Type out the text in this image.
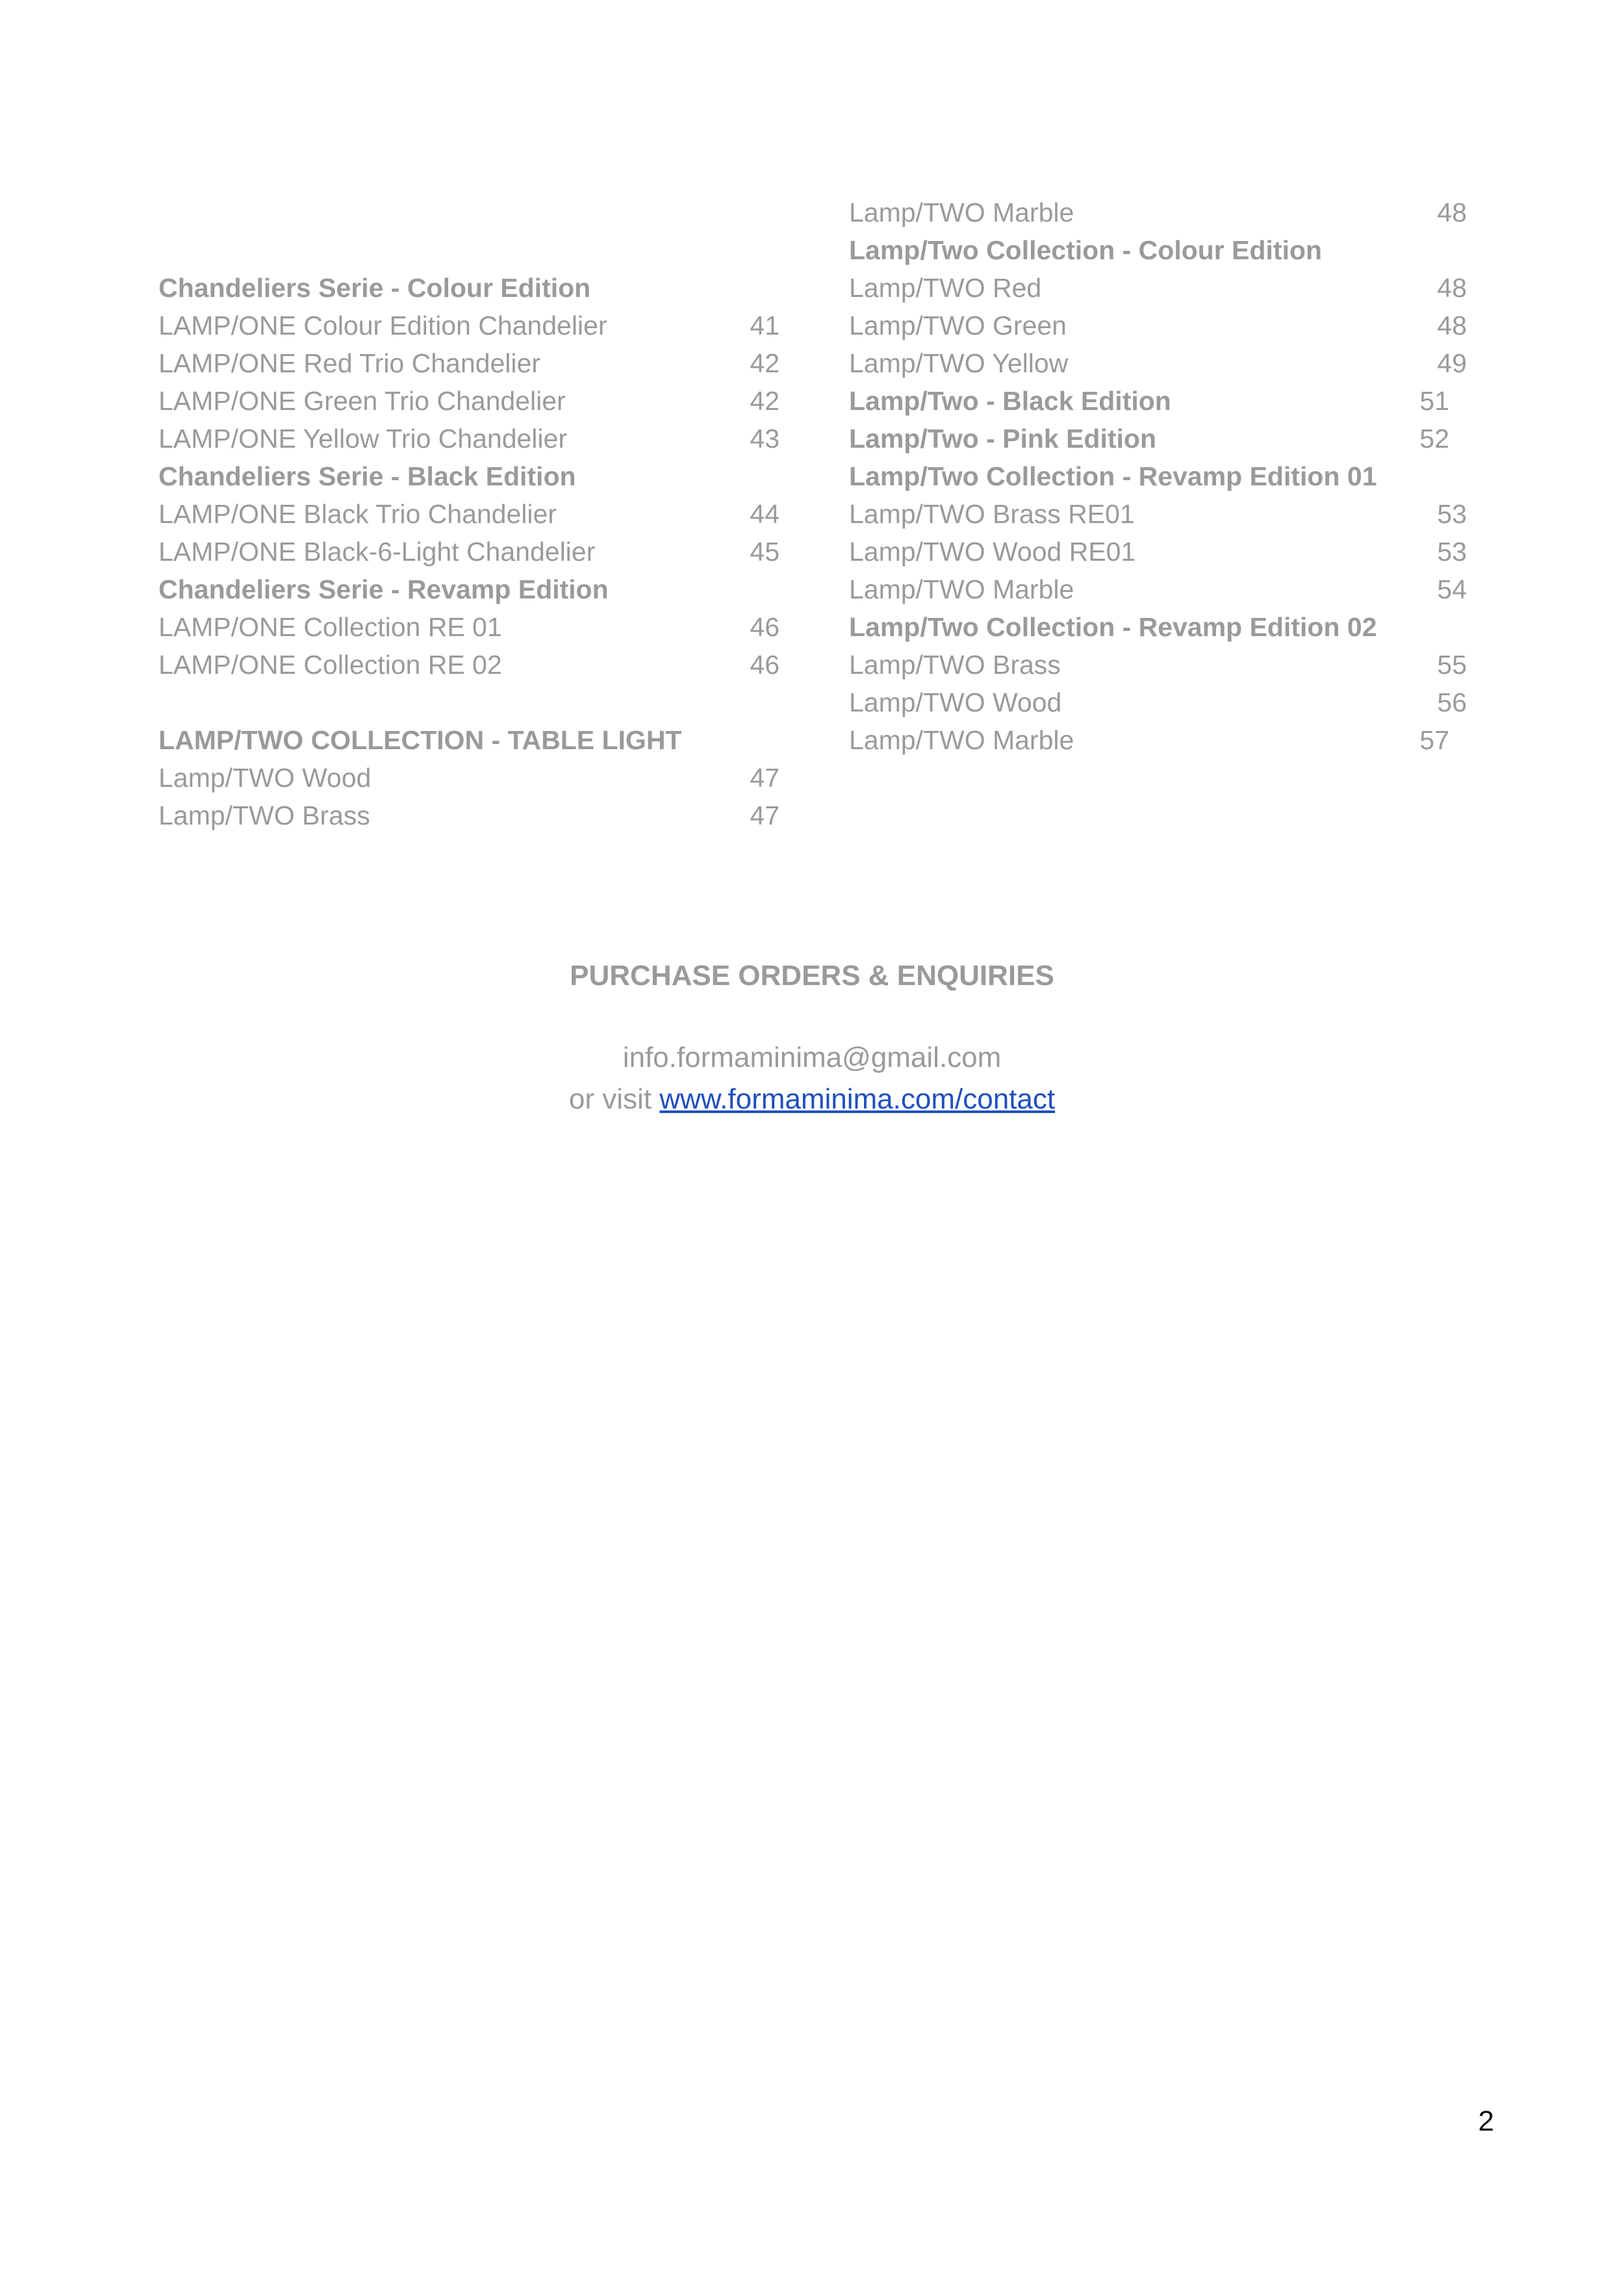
Chandeliers Serie - Colour Edition
LAMP/ONE Colour Edition Chandelier	41
LAMP/ONE Red Trio Chandelier	42
LAMP/ONE Green Trio Chandelier	42
LAMP/ONE Yellow Trio Chandelier	43
Chandeliers Serie - Black Edition
LAMP/ONE Black Trio Chandelier	44
LAMP/ONE Black-6-Light Chandelier	45
Chandeliers Serie - Revamp Edition
LAMP/ONE Collection RE 01	46
LAMP/ONE Collection RE 02	46
LAMP/TWO COLLECTION - TABLE LIGHT
Lamp/TWO Wood	47
Lamp/TWO Brass	47
Lamp/TWO Marble	48
Lamp/Two Collection - Colour Edition
Lamp/TWO Red	48
Lamp/TWO Green	48
Lamp/TWO Yellow	49
Lamp/Two - Black Edition	51
Lamp/Two - Pink Edition	52
Lamp/Two Collection - Revamp Edition 01
Lamp/TWO Brass RE01	53
Lamp/TWO Wood RE01	53
Lamp/TWO Marble	54
Lamp/Two Collection - Revamp Edition 02
Lamp/TWO Brass	55
Lamp/TWO Wood	56
Lamp/TWO Marble	57
PURCHASE ORDERS & ENQUIRIES
info.formaminima@gmail.com
or visit www.formaminima.com/contact
2
